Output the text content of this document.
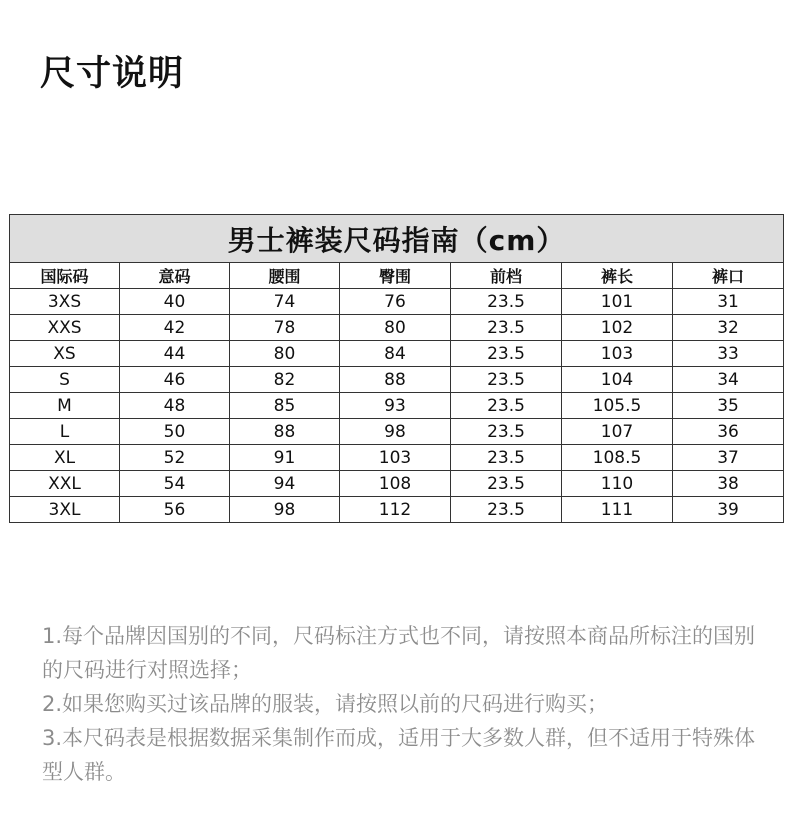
尺寸说明
男士裤装尺码指南（cm）						
国际码	意码	腰围	臀围	前档	裤长	裤口
3XS	40	74	76	23.5	101	31
XXS	42	78	80	23.5	102	32
XS	44	80	84	23.5	103	33
S	46	82	88	23.5	104	34
M	48	85	93	23.5	105.5	35
L	50	88	98	23.5	107	36
XL	52	91	103	23.5	108.5	37
XXL	54	94	108	23.5	110	38
3XL	56	98	112	23.5	111	39

1.每个品牌因国别的不同，尺码标注方式也不同，请按照本商品所标注的国别的尺码进行对照选择；

2.如果您购买过该品牌的服装，请按照以前的尺码进行购买；

3.本尺码表是根据数据采集制作而成，适用于大多数人群，但不适用于特殊体型人群。
